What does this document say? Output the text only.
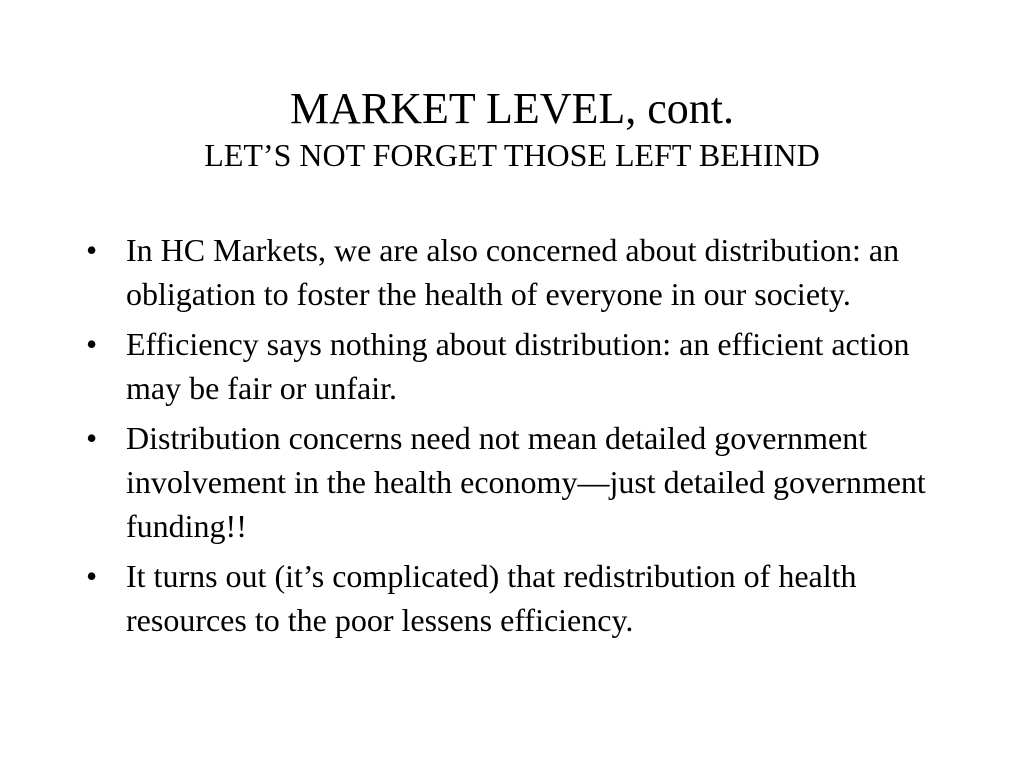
MARKET LEVEL, cont.
LET’S NOT FORGET THOSE LEFT BEHIND
• In HC Markets, we are also concerned about distribution: an obligation to foster the health of everyone in our society.
• Efficiency says nothing about distribution: an efficient action may be fair or unfair.
• Distribution concerns need not mean detailed government involvement in the health economy—just detailed government funding!!
• It turns out (it’s complicated) that redistribution of health resources to the poor lessens efficiency.
